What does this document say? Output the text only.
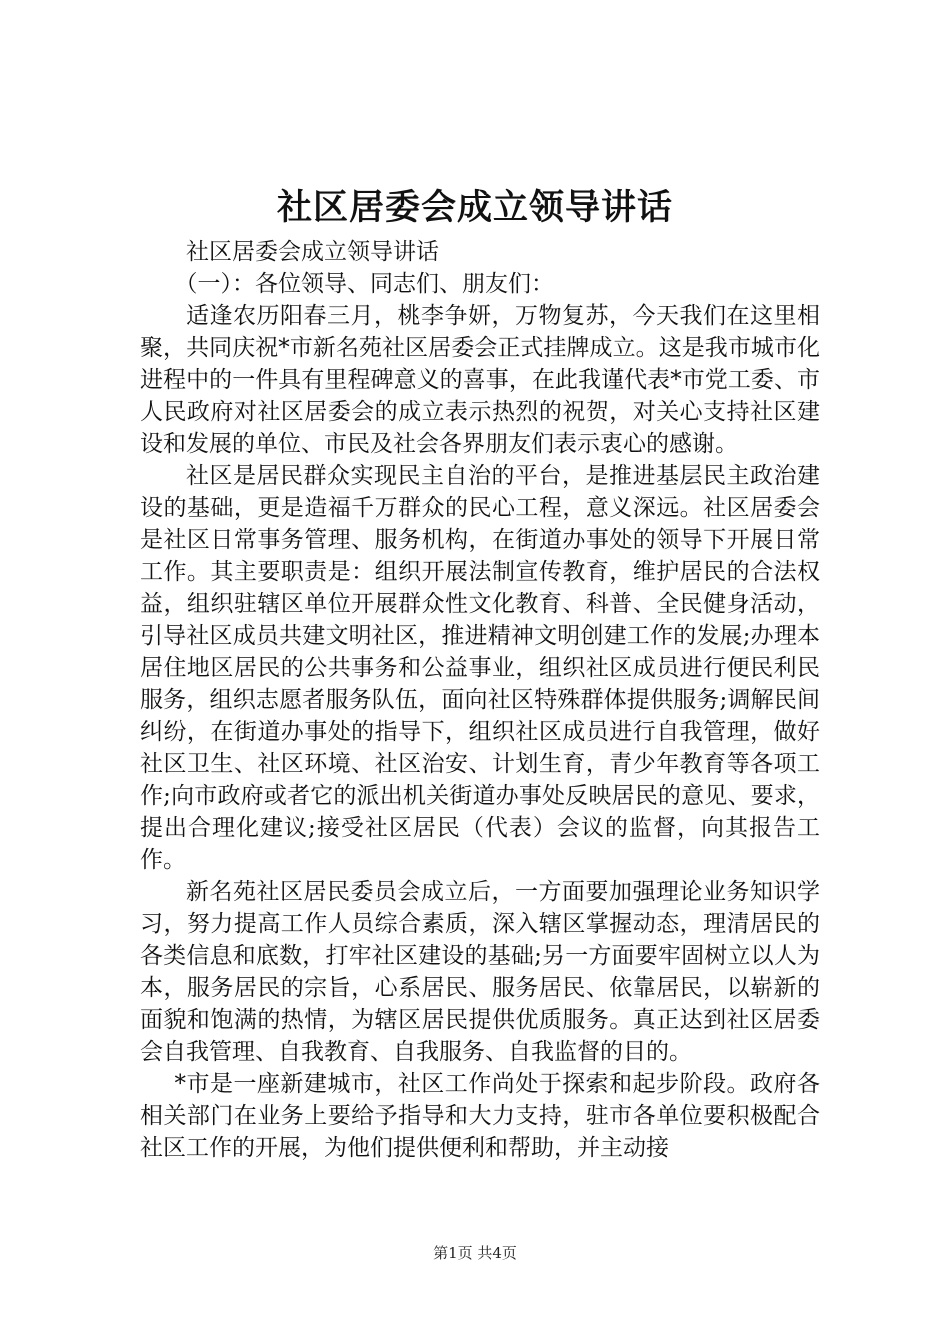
社区居委会成立领导讲话

社区居委会成立领导讲话

（一）：各位领导、同志们、朋友们：

适逢农历阳春三月，桃李争妍，万物复苏，今天我们在这里相聚，共同庆祝*市新名苑社区居委会正式挂牌成立。这是我市城市化进程中的一件具有里程碑意义的喜事，在此我谨代表*市党工委、市人民政府对社区居委会的成立表示热烈的祝贺，对关心支持社区建设和发展的单位、市民及社会各界朋友们表示衷心的感谢。

社区是居民群众实现民主自治的平台，是推进基层民主政治建设的基础，更是造福千万群众的民心工程，意义深远。社区居委会是社区日常事务管理、服务机构，在街道办事处的领导下开展日常工作。其主要职责是：组织开展法制宣传教育，维护居民的合法权益，组织驻辖区单位开展群众性文化教育、科普、全民健身活动，引导社区成员共建文明社区，推进精神文明创建工作的发展;办理本居住地区居民的公共事务和公益事业，组织社区成员进行便民利民服务，组织志愿者服务队伍，面向社区特殊群体提供服务;调解民间纠纷，在街道办事处的指导下，组织社区成员进行自我管理，做好社区卫生、社区环境、社区治安、计划生育，青少年教育等各项工作;向市政府或者它的派出机关街道办事处反映居民的意见、要求，提出合理化建议;接受社区居民（代表）会议的监督，向其报告工作。

新名苑社区居民委员会成立后，一方面要加强理论业务知识学习，努力提高工作人员综合素质，深入辖区掌握动态，理清居民的各类信息和底数，打牢社区建设的基础;另一方面要牢固树立以人为本，服务居民的宗旨，心系居民、服务居民、依靠居民，以崭新的面貌和饱满的热情，为辖区居民提供优质服务。真正达到社区居委会自我管理、自我教育、自我服务、自我监督的目的。

*市是一座新建城市，社区工作尚处于探索和起步阶段。政府各相关部门在业务上要给予指导和大力支持，驻市各单位要积极配合社区工作的开展，为他们提供便利和帮助，并主动接

第1页 共4页
